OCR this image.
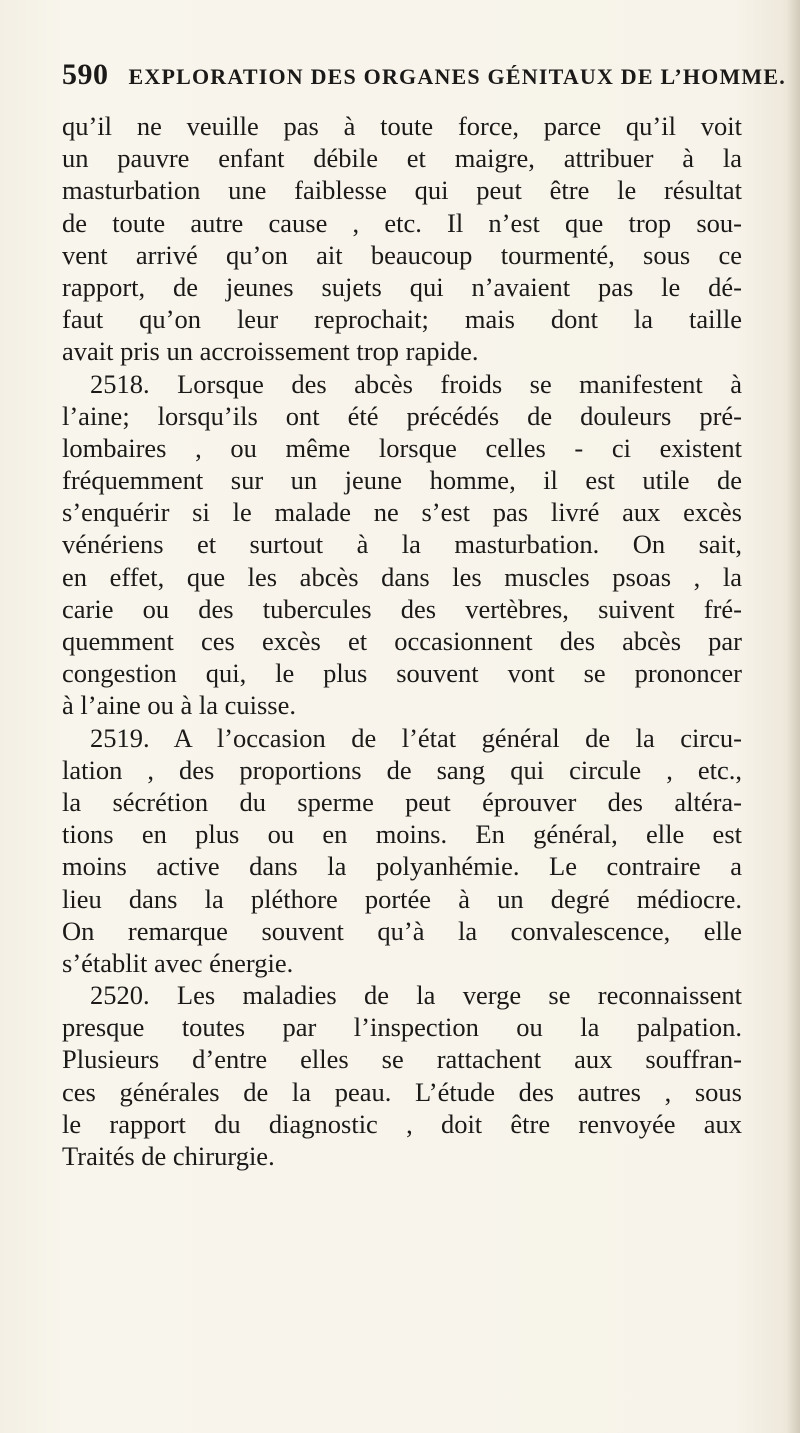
590 EXPLORATION DES ORGANES GÉNITAUX DE L’HOMME.
qu’il ne veuille pas à toute force, parce qu’il voit
un pauvre enfant débile et maigre, attribuer à la
masturbation une faiblesse qui peut être le résultat
de toute autre cause , etc. Il n’est que trop sou-
vent arrivé qu’on ait beaucoup tourmenté, sous ce
rapport, de jeunes sujets qui n’avaient pas le dé-
faut qu’on leur reprochait; mais dont la taille
avait pris un accroissement trop rapide.
2518. Lorsque des abcès froids se manifestent à
l’aine; lorsqu’ils ont été précédés de douleurs pré-
lombaires , ou même lorsque celles - ci existent
fréquemment sur un jeune homme, il est utile de
s’enquérir si le malade ne s’est pas livré aux excès
vénériens et surtout à la masturbation. On sait,
en effet, que les abcès dans les muscles psoas , la
carie ou des tubercules des vertèbres, suivent fré-
quemment ces excès et occasionnent des abcès par
congestion qui, le plus souvent vont se prononcer
à l’aine ou à la cuisse.
2519. A l’occasion de l’état général de la circu-
lation , des proportions de sang qui circule , etc.,
la sécrétion du sperme peut éprouver des altéra-
tions en plus ou en moins. En général, elle est
moins active dans la polyanhémie. Le contraire a
lieu dans la pléthore portée à un degré médiocre.
On remarque souvent qu’à la convalescence, elle
s’établit avec énergie.
2520. Les maladies de la verge se reconnaissent
presque toutes par l’inspection ou la palpation.
Plusieurs d’entre elles se rattachent aux souffran-
ces générales de la peau. L’étude des autres , sous
le rapport du diagnostic , doit être renvoyée aux
Traités de chirurgie.
